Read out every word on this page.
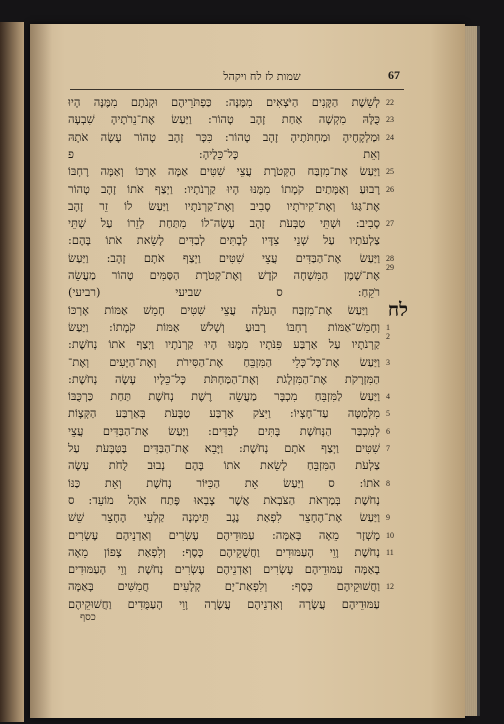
שמות לז לח ויקהל	67
לְשֵׁשֶׁת הַקָּנִים הַיֹּצְאִים מִמֶּנָּה: כַּפְתֹּרֵיהֶם וּקְנֹתָם מִמֶּנָּה הָיוּ 22
כֻּלָּהּ מִקְשָׁה אַחַת זָהָב טָהוֹר: וַיַּעַשׂ אֶת־נֵרֹתֶיהָ שִׁבְעָה 23
וּמַלְקָחֶיהָ וּמַחְתֹּתֶיהָ זָהָב טָהוֹר: כִּכָּר זָהָב טָהוֹר עָשָׂה אֹתָהּ 24
וְאֵת כָּל־כֵּלֶיהָ: פ
וַיַּעַשׂ אֶת־מִזְבַּח הַקְּטֹרֶת עֲצֵי שִׁטִּים אַמָּה אָרְכּוֹ וְאַמָּה רָחְבּוֹ 25
רָבוּעַ וְאַמָּתַיִם קֹמָתוֹ מִמֶּנּוּ הָיוּ קַרְנֹתָיו: וַיְצַף אֹתוֹ זָהָב טָהוֹר 26
אֶת־גַּגּוֹ וְאֶת־קִירֹתָיו סָבִיב וְאֶת־קַרְנֹתָיו וַיַּעַשׂ לוֹ זֵר זָהָב
סָבִיב: וּשְׁתֵּי טַבְּעֹת זָהָב עָשָׂה־לוֹ מִתַּחַת לְזֵרוֹ עַל שְׁתֵּי 27
צַלְעֹתָיו עַל שְׁנֵי צִדָּיו לְבָתִּים לְבַדִּים לָשֵׂאת אֹתוֹ בָּהֶם:
וַיַּעַשׂ אֶת־הַבַּדִּים עֲצֵי שִׁטִּים וַיְצַף אֹתָם זָהָב: וַיַּעַשׂ 28
29
אֶת־שֶׁמֶן הַמִּשְׁחָה קֹדֶשׁ וְאֶת־קְטֹרֶת הַסַּמִּים טָהוֹר מַעֲשֵׂה
רֹקֵחַ: ס שביעי (רביעי)
וַיַּעַשׂ אֶת־מִזְבַּח הָעֹלָה עֲצֵי שִׁטִּים חָמֵשׁ אַמּוֹת אָרְכּוֹ לח
וְחָמֵשׁ־אַמּוֹת רָחְבּוֹ רָבוּעַ וְשָׁלֹשׁ אַמּוֹת קֹמָתוֹ: וַיַּעַשׂ 1
2
קַרְנֹתָיו עַל אַרְבַּע פִּנֹּתָיו מִמֶּנּוּ הָיוּ קַרְנֹתָיו וַיְצַף אֹתוֹ נְחֹשֶׁת:
וַיַּעַשׂ אֶת־כָּל־כְּלֵי הַמִּזְבֵּחַ אֶת־הַסִּירֹת וְאֶת־הַיָּעִים וְאֶת־ 3
הַמִּזְרָקֹת אֶת־הַמִּזְלָגֹת וְאֶת־הַמַּחְתֹּת כָּל־כֵּלָיו עָשָׂה נְחֹשֶׁת:
וַיַּעַשׂ לַמִּזְבֵּחַ מִכְבָּר מַעֲשֵׂה רֶשֶׁת נְחֹשֶׁת תַּחַת כַּרְכֻּבּוֹ 4
מִלְּמַטָּה עַד־חֶצְיוֹ: וַיִּצֹק אַרְבַּע טַבָּעֹת בְּאַרְבַּע הַקְּצָוֹת 5
לְמִכְבַּר הַנְּחֹשֶׁת בָּתִּים לַבַּדִּים: וַיַּעַשׂ אֶת־הַבַּדִּים עֲצֵי 6
שִׁטִּים וַיְצַף אֹתָם נְחֹשֶׁת: וַיָּבֵא אֶת־הַבַּדִּים בַּטַּבָּעֹת עַל 7
צַלְעֹת הַמִּזְבֵּחַ לָשֵׂאת אֹתוֹ בָּהֶם נְבוּב לֻחֹת עָשָׂה
אֹתוֹ: ס וַיַּעַשׂ אֵת הַכִּיּוֹר נְחֹשֶׁת וְאֵת כַּנּוֹ 8
נְחֹשֶׁת בְּמַרְאֹת הַצֹּבְאֹת אֲשֶׁר צָבְאוּ פֶּתַח אֹהֶל מוֹעֵד: ס
וַיַּעַשׂ אֶת־הֶחָצֵר לִפְאַת נֶגֶב תֵּימָנָה קַלְעֵי הֶחָצֵר שֵׁשׁ 9
מָשְׁזָר מֵאָה בָּאַמָּה: עַמּוּדֵיהֶם עֶשְׂרִים וְאַדְנֵיהֶם עֶשְׂרִים 10
נְחֹשֶׁת וָוֵי הָעַמּוּדִים וַחֲשֻׁקֵיהֶם כָּסֶף: וְלִפְאַת צָפוֹן מֵאָה 11
בָאַמָּה עַמּוּדֵיהֶם עֶשְׂרִים וְאַדְנֵיהֶם עֶשְׂרִים נְחֹשֶׁת וָוֵי הָעַמּוּדִים
וַחֲשׁוּקֵיהֶם כָּסֶף: וְלִפְאַת־יָם קְלָעִים חֲמִשִּׁים בָּאַמָּה 12
עַמּוּדֵיהֶם עֲשָׂרָה וְאַדְנֵיהֶם עֲשָׂרָה וָוֵי הָעַמֻּדִים וַחֲשׁוּקֵיהֶם
כסף
